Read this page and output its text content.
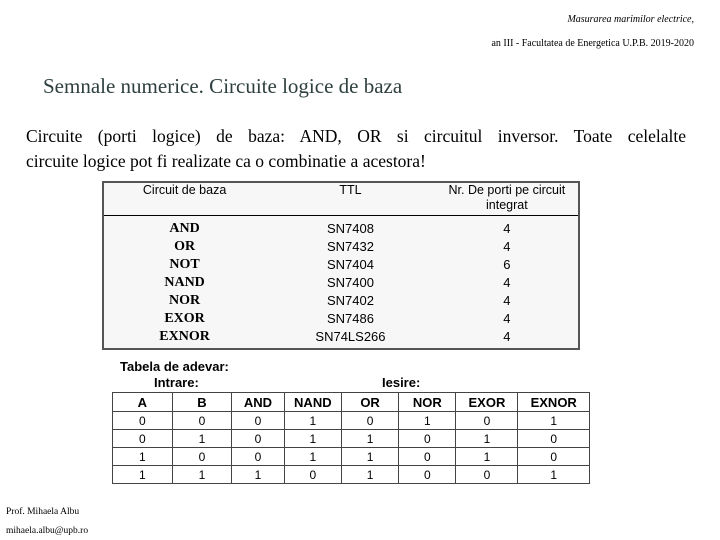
Masurarea marimilor electrice,
an III - Facultatea de Energetica U.P.B. 2019-2020
Semnale numerice. Circuite logice de baza

Circuite (porti logice) de baza: AND, OR si circuitul inversor. Toate celelalte

circuite logice pot fi realizate ca o combinatie a acestora!

Circuit de baza	TTL	Nr. De porti pe circuit integrat

AND	SN7408	4
OR	SN7432	4
NOT	SN7404	6
NAND	SN7400	4
NOR	SN7402	4
EXOR	SN7486	4
EXNOR	SN74LS266	4
Tabela de adevar:
Intrare:	Iesire:
A	B	AND	NAND	OR	NOR	EXOR	EXNOR
0	0	0	1	0	1	0	1
0	1	0	1	1	0	1	0
1	0	0	1	1	0	1	0
1	1	1	0	1	0	0	1
Prof. Mihaela Albu
mihaela.albu@upb.ro
